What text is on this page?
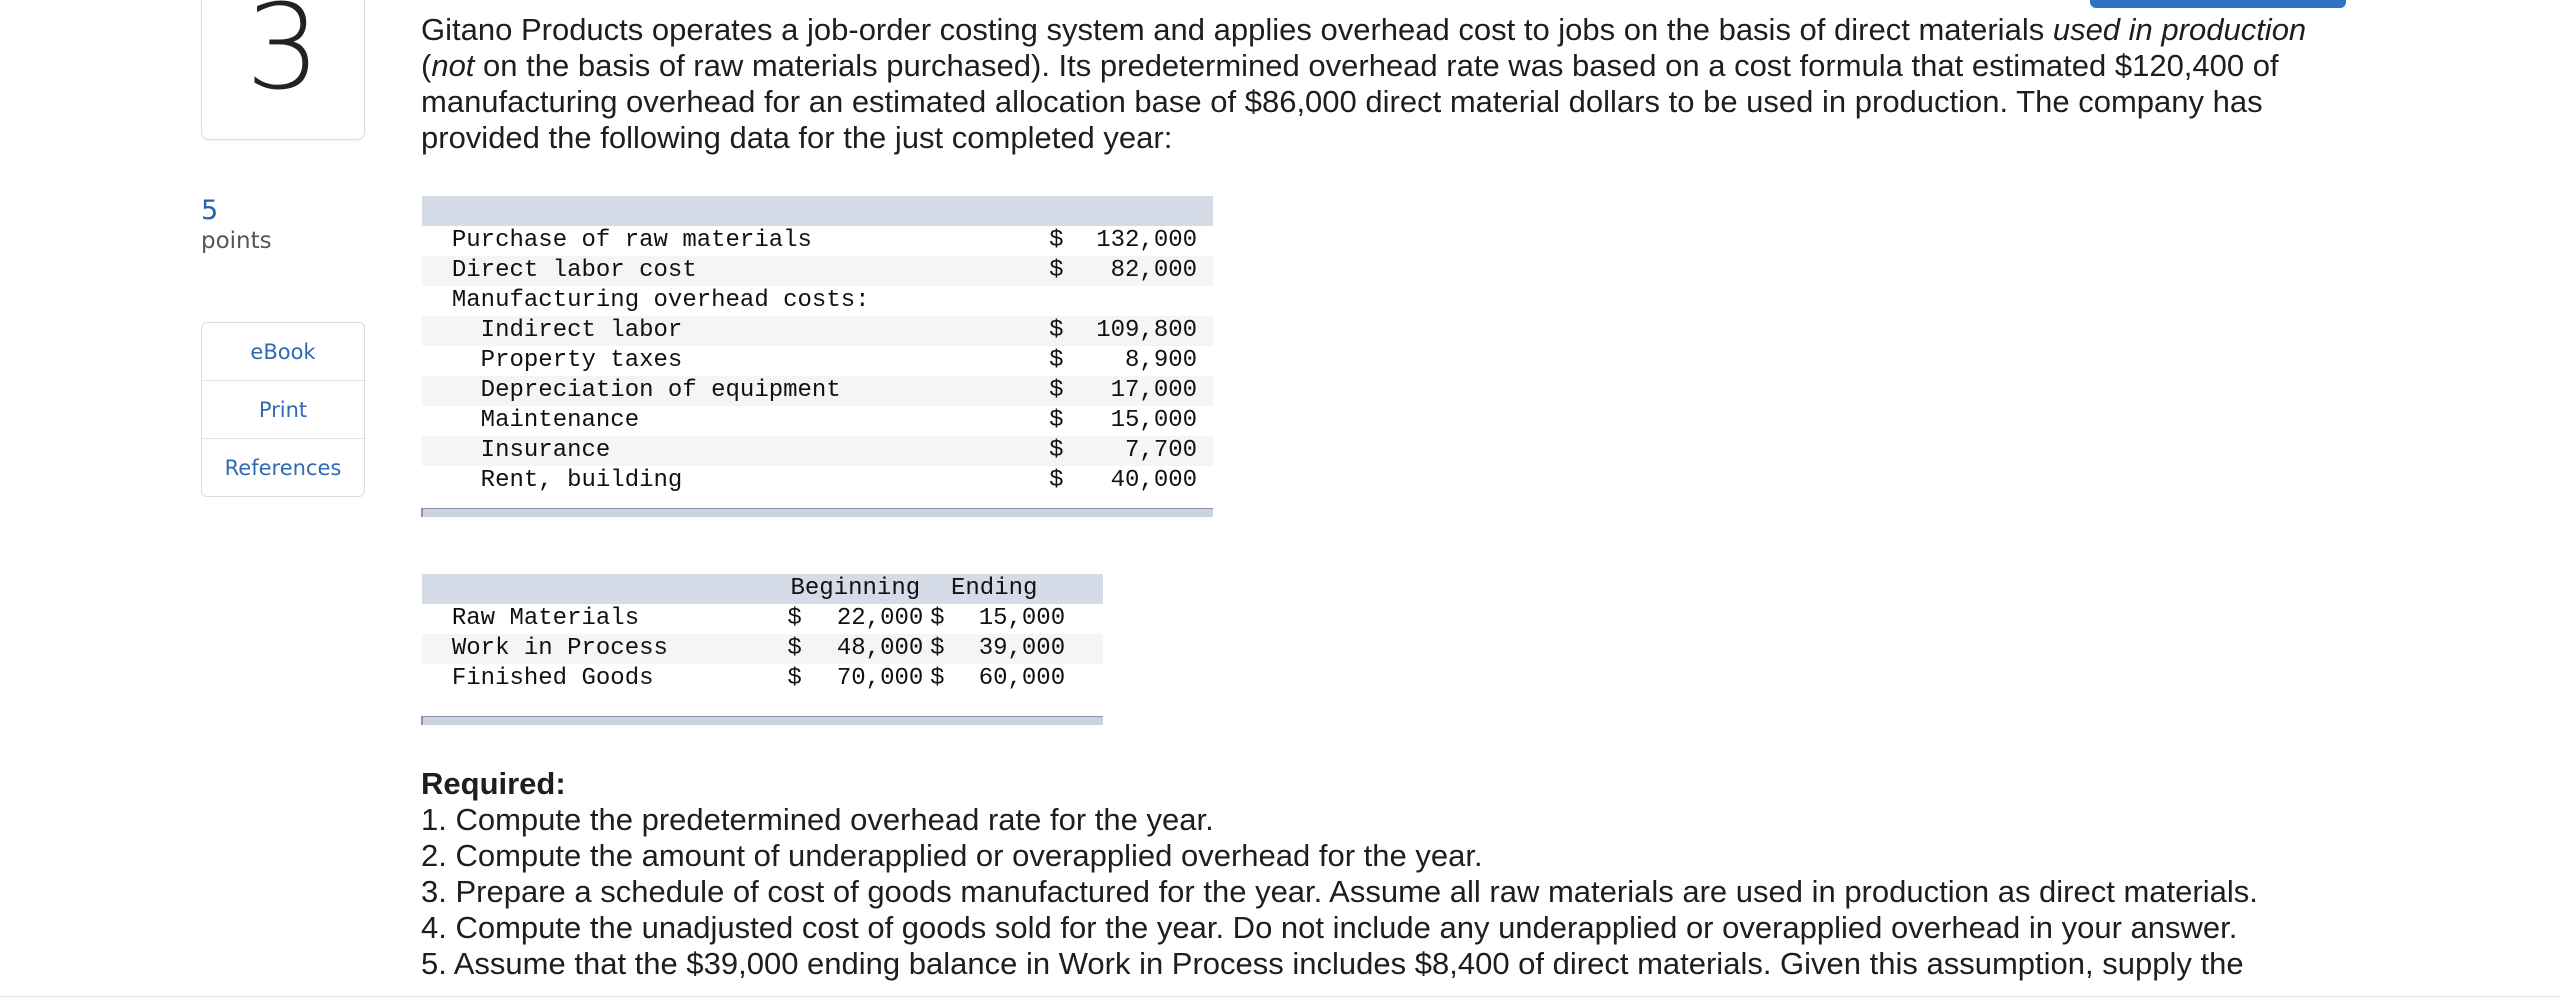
3
5
points
eBook
Print
References
Gitano Products operates a job-order costing system and applies overhead cost to jobs on the basis of direct materials used in production (not on the basis of raw materials purchased). Its predetermined overhead rate was based on a cost formula that estimated $120,400 of manufacturing overhead for an estimated allocation base of $86,000 direct material dollars to be used in production. The company has provided the following data for the just completed year:

	Purchase of raw materials	$	132,000	
	Direct labor cost	$	82,000	
	Manufacturing overhead costs:			
	Indirect labor	$	109,800	
	Property taxes	$	8,900	
	Depreciation of equipment	$	17,000	
	Maintenance	$	15,000	
	Insurance	$	7,700	
	Rent, building	$	40,000	

		Beginning		Ending		
	Raw Materials	$	22,000	$	15,000	
	Work in Process	$	48,000	$	39,000	
	Finished Goods	$	70,000	$	60,000	

Required:
1. Compute the predetermined overhead rate for the year.
2. Compute the amount of underapplied or overapplied overhead for the year.
3. Prepare a schedule of cost of goods manufactured for the year. Assume all raw materials are used in production as direct materials.
4. Compute the unadjusted cost of goods sold for the year. Do not include any underapplied or overapplied overhead in your answer.
5. Assume that the $39,000 ending balance in Work in Process includes $8,400 of direct materials. Given this assumption, supply the
